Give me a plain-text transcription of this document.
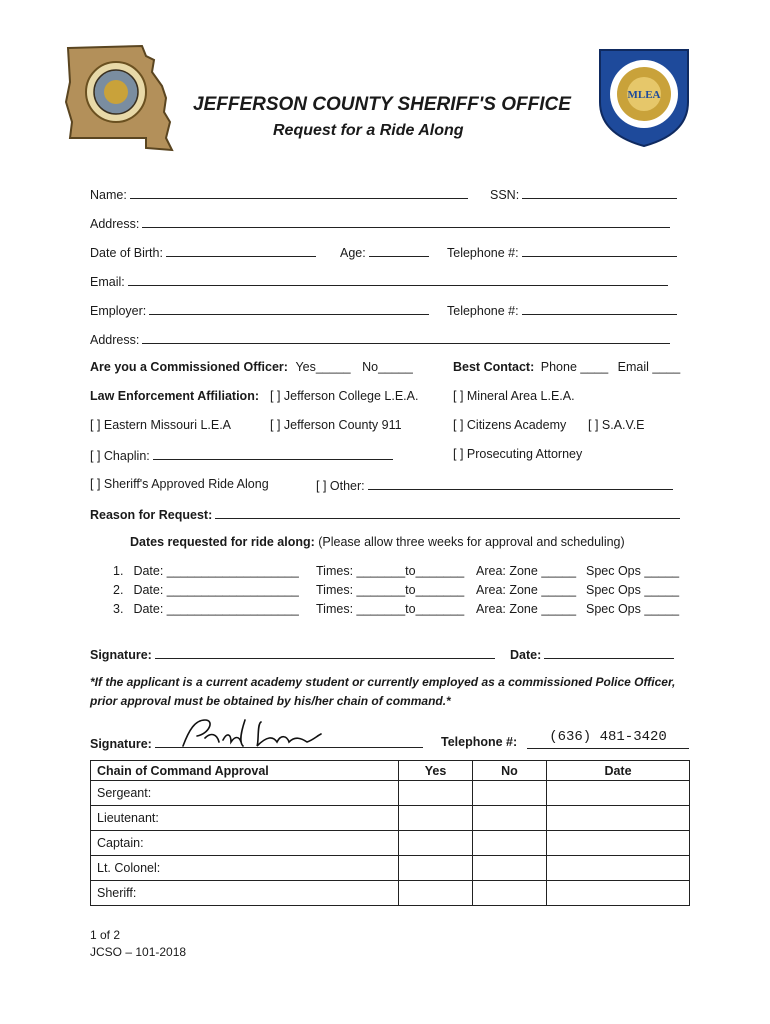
MLEA
JEFFERSON COUNTY SHERIFF'S OFFICE
Request for a Ride Along
Name:	SSN:
Address:
Date of Birth:	Age:	Telephone #:
Email:
Employer:	Telephone #:
Address:
Are you a Commissioned Officer: Yes_____ No_____	Best Contact: Phone ____ Email ____
Law Enforcement Affiliation: [ ] Jefferson College L.E.A.	[ ] Mineral Area L.E.A.
[ ] Eastern Missouri L.E.A	[ ] Jefferson County 911	[ ] Citizens Academy [ ] S.A.V.E
[ ] Chaplin:	[ ] Prosecuting Attorney
[ ] Sheriff's Approved Ride Along	[ ] Other:
Reason for Request:
Dates requested for ride along: (Please allow three weeks for approval and scheduling)
1. Date: ___________________ Times: _______to_______ Area: Zone _____ Spec Ops _____
2. Date: ___________________ Times: _______to_______ Area: Zone _____ Spec Ops _____
3. Date: ___________________ Times: _______to_______ Area: Zone _____ Spec Ops _____
Signature:	Date:
*If the applicant is a current academy student or currently employed as a commissioned Police Officer,
prior approval must be obtained by his/her chain of command.*
Signature:	Telephone #:	(636) 481-3420
Chain of Command Approval	Yes	No	Date
Sergeant:			
Lieutenant:			
Captain:			
Lt. Colonel:			
Sheriff:			
1 of 2
JCSO – 101-2018
